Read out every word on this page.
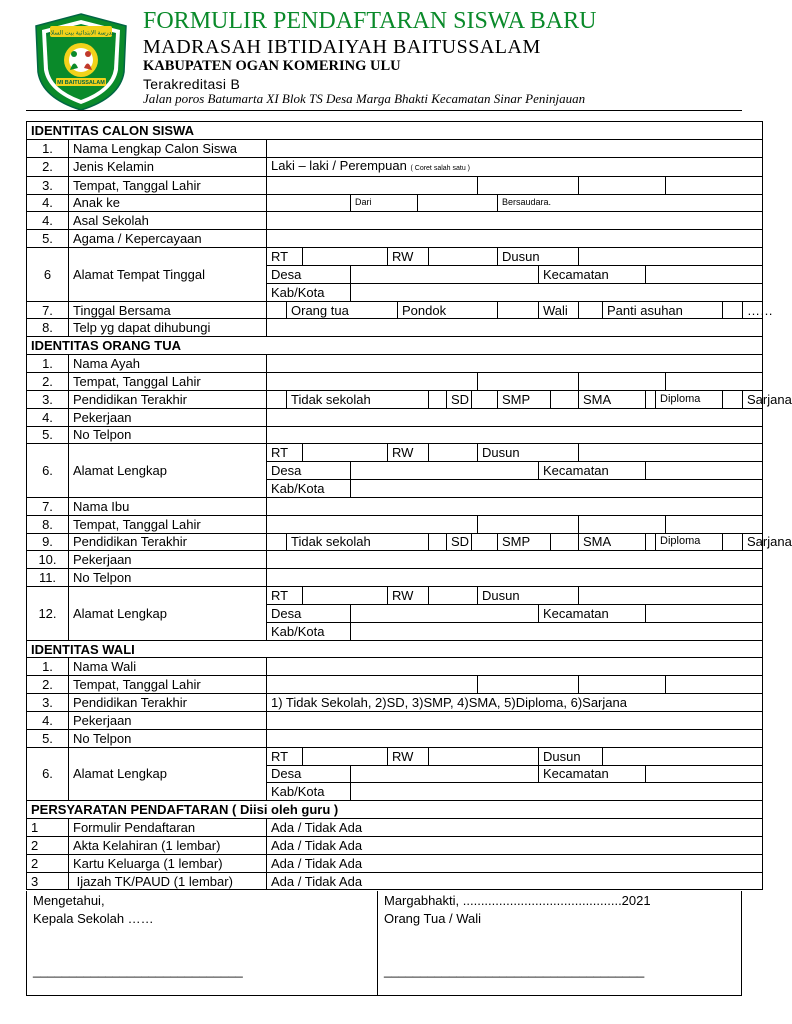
مدرسة الابتدائية بيت السلام
MI BAITUSSALAM
FORMULIR PENDAFTARAN SISWA BARU
MADRASAH IBTIDAIYAH BAITUSSALAM
KABUPATEN OGAN KOMERING ULU
Terakreditasi B
Jalan poros Batumarta XI Blok TS Desa Marga Bhakti Kecamatan Sinar Peninjauan
IDENTITAS CALON SISWA																						
1.	Nama Lengkap Calon Siswa																					
2.	Jenis Kelamin	Laki – laki / Perempuan ( Coret salah satu )																				
3.	Tempat, Tanggal Lahir																					
4.	Anak ke				Dari								Bersaudara.									
4.	Asal Sekolah																					
5.	Agama / Kepercayaan																					
6	Alamat Tempat Tinggal	RT				RW							Dusun									
		Desa												Kecamatan								
		Kab/Kota																				
7.	Tinggal Bersama		Orang tua				Pondok							Wali			Panti asuhan					……
8.	Telp yg dapat dihubungi																					
IDENTITAS ORANG TUA																						
1.	Nama Ayah																					
2.	Tempat, Tanggal Lahir																					
3.	Pendidikan Terakhir		Tidak sekolah							SD			SMP			SMA			Diploma			Sarjana
4.	Pekerjaan																					
5.	No Telpon																					
6.	Alamat Lengkap	RT				RW						Dusun										
		Desa												Kecamatan								
		Kab/Kota																				
7.	Nama Ibu																					
8.	Tempat, Tanggal Lahir																					
9.	Pendidikan Terakhir		Tidak sekolah							SD			SMP			SMA			Diploma			Sarjana
10.	Pekerjaan																					
11.	No Telpon																					
12.	Alamat Lengkap	RT				RW						Dusun										
		Desa												Kecamatan								
		Kab/Kota																				
IDENTITAS WALI																						
1.	Nama Wali																					
2.	Tempat, Tanggal Lahir																					
3.	Pendidikan Terakhir	1) Tidak Sekolah, 2)SD, 3)SMP, 4)SMA, 5)Diploma, 6)Sarjana																				
4.	Pekerjaan																					
5.	No Telpon																					
6.	Alamat Lengkap	RT				RW								Dusun								
		Desa												Kecamatan								
		Kab/Kota																				
PERSYARATAN PENDAFTARAN ( Diisi oleh guru )																						
1	Formulir Pendaftaran	Ada / Tidak Ada																				
2	Akta Kelahiran (1 lembar)	Ada / Tidak Ada																				
2	Kartu Keluarga (1 lembar)	Ada / Tidak Ada																				
3	Ijazah TK/PAUD (1 lembar)	Ada / Tidak Ada																				
Mengetahui,
Kepala Sekolah ……
_____________________________
Margabhakti, ............................................2021
Orang Tua / Wali
____________________________________
